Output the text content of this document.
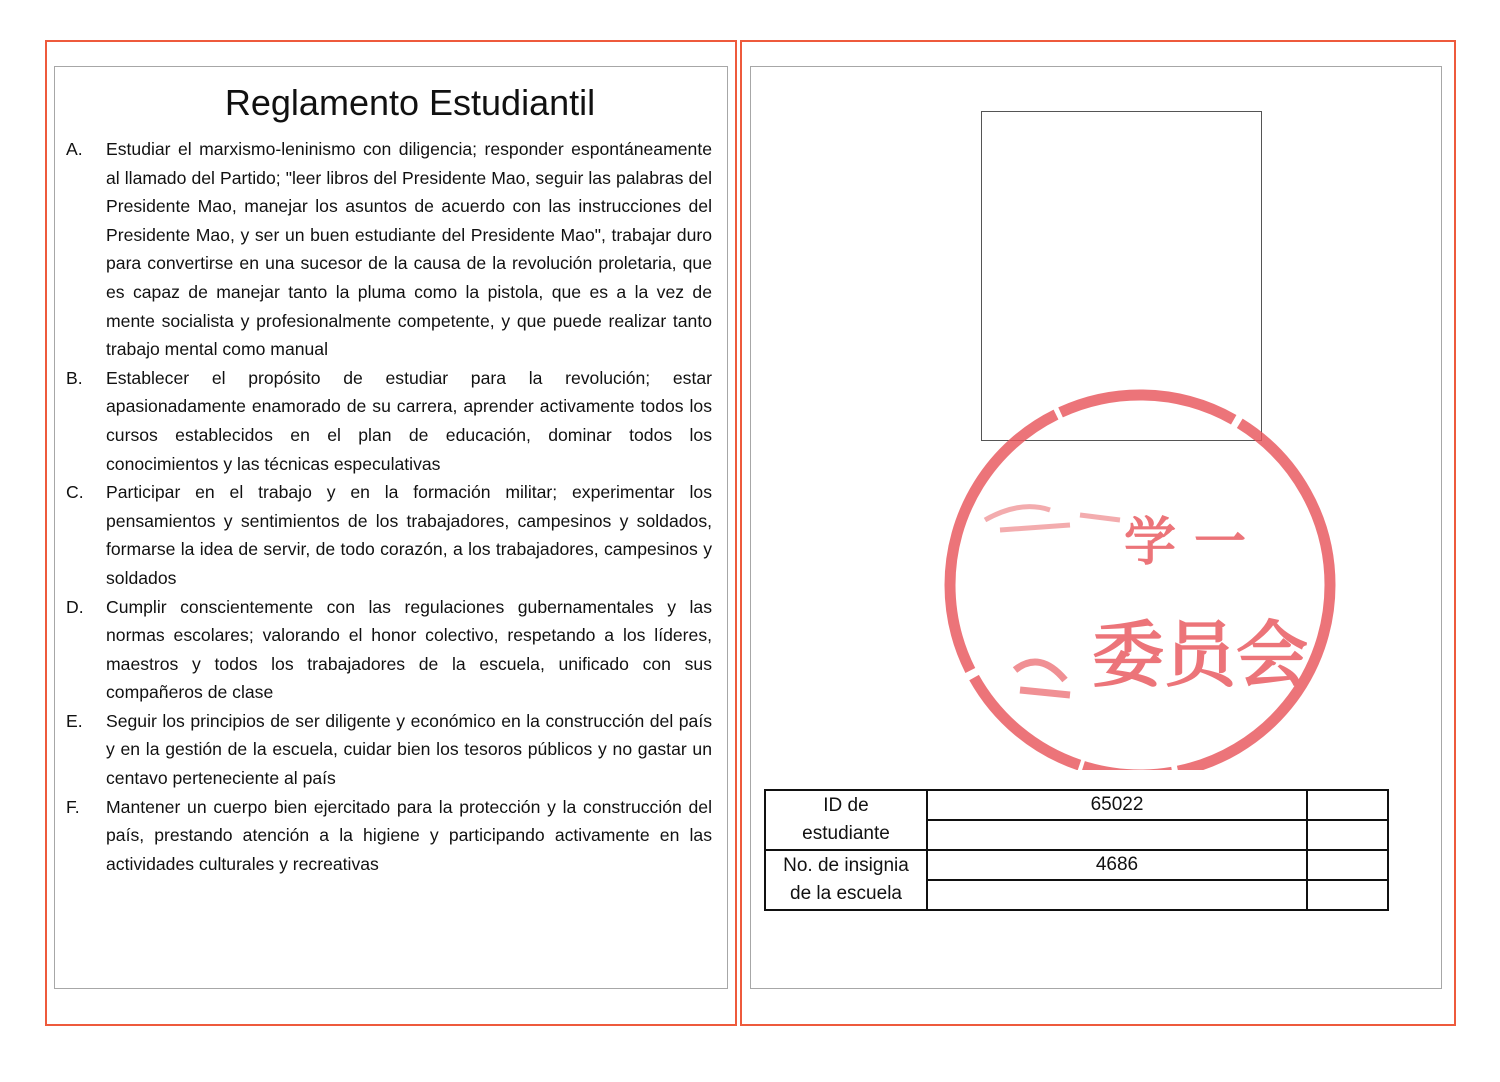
Reglamento Estudiantil
A. Estudiar el marxismo-leninismo con diligencia; responder espontáneamente al llamado del Partido; "leer libros del Presidente Mao, seguir las palabras del Presidente Mao, manejar los asuntos de acuerdo con las instrucciones del Presidente Mao, y ser un buen estudiante del Presidente Mao", trabajar duro para convertirse en una sucesor de la causa de la revolución proletaria, que es capaz de manejar tanto la pluma como la pistola, que es a la vez de mente socialista y profesionalmente competente, y que puede realizar tanto trabajo mental como manual
B. Establecer el propósito de estudiar para la revolución; estar apasionadamente enamorado de su carrera, aprender activamente todos los cursos establecidos en el plan de educación, dominar todos los conocimientos y las técnicas especulativas
C. Participar en el trabajo y en la formación militar; experimentar los pensamientos y sentimientos de los trabajadores, campesinos y soldados, formarse la idea de servir, de todo corazón, a los trabajadores, campesinos y soldados
D. Cumplir conscientemente con las regulaciones gubernamentales y las normas escolares; valorando el honor colectivo, respetando a los líderes, maestros y todos los trabajadores de la escuela, unificado con sus compañeros de clase
E. Seguir los principios de ser diligente y económico en la construcción del país y en la gestión de la escuela, cuidar bien los tesoros públicos y no gastar un centavo perteneciente al país
F. Mantener un cuerpo bien ejercitado para la protección y la construcción del país, prestando atención a la higiene y participando activamente en las actividades culturales y recreativas
学 一
委员会
ID de
estudiante	65022	

No. de insignia
de la escuela	4686	
